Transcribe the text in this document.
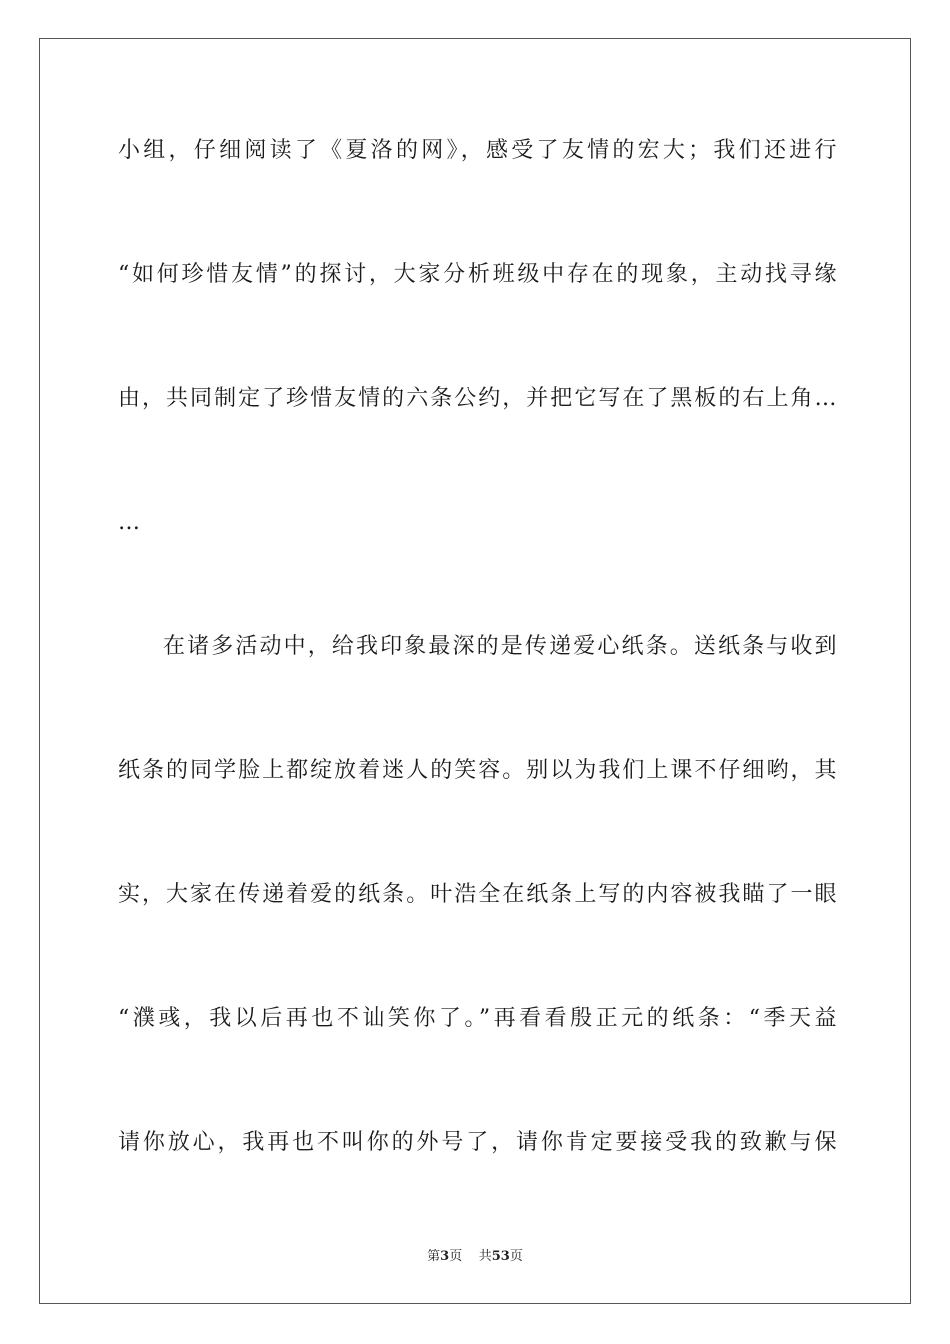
小组，仔细阅读了《夏洛的网》，感受了友情的宏大；我们还进行
“如何珍惜友情”的探讨，大家分析班级中存在的现象，主动找寻缘
由，共同制定了珍惜友情的六条公约，并把它写在了黑板的右上角…
…
在诸多活动中，给我印象最深的是传递爱心纸条。送纸条与收到
纸条的同学脸上都绽放着迷人的笑容。别以为我们上课不仔细哟，其
实，大家在传递着爱的纸条。叶浩全在纸条上写的内容被我瞄了一眼
“濮彧，我以后再也不讪笑你了。”再看看殷正元的纸条：“季天益
请你放心，我再也不叫你的外号了，请你肯定要接受我的致歉与保
第3页 共53页
